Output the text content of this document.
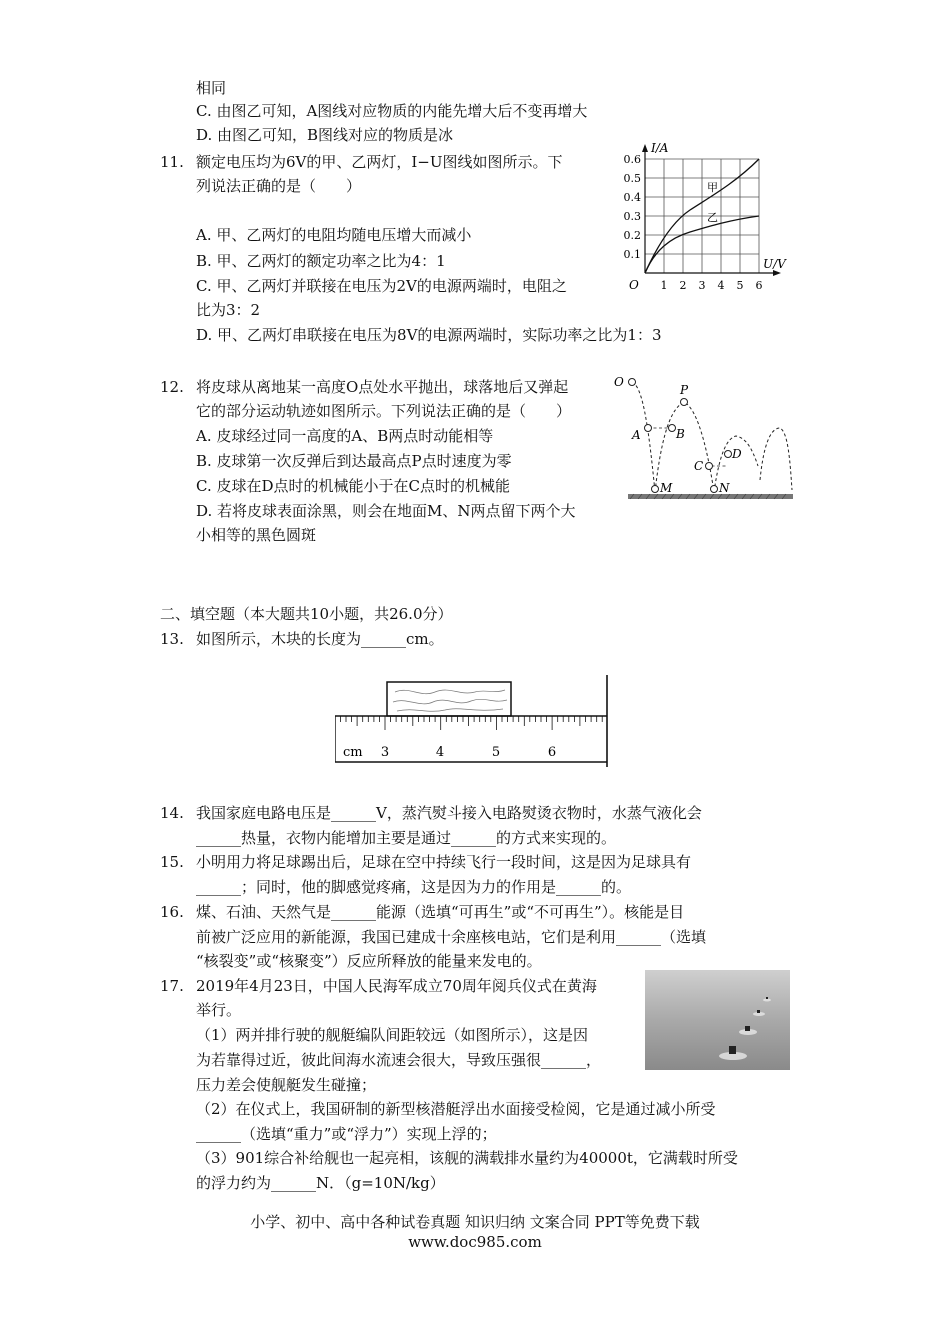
相同
C. 由图乙可知，A图线对应物质的内能先增大后不变再增大
D. 由图乙可知，B图线对应的物质是冰
11. 额定电压均为6V的甲、乙两灯，I−U图线如图所示。下
列说法正确的是（　　）
A. 甲、乙两灯的电阻均随电压增大而减小
B. 甲、乙两灯的额定功率之比为4：1
C. 甲、乙两灯并联接在电压为2V的电源两端时，电阻之
比为3：2
D. 甲、乙两灯串联接在电压为8V的电源两端时，实际功率之比为1：3
I/A
U/V
O
甲
乙
1 2 3 4 5 6
0.1
0.2
0.3
0.4
0.5
0.6
12. 将皮球从离地某一高度O点处水平抛出，球落地后又弹起
它的部分运动轨迹如图所示。下列说法正确的是（　　）
A. 皮球经过同一高度的A、B两点时动能相等
B. 皮球第一次反弹后到达最高点P点时速度为零
C. 皮球在D点时的机械能小于在C点时的机械能
D. 若将皮球表面涂黑，则会在地面M、N两点留下两个大
小相等的黑色圆斑
O
A	B
P
C
D
M	N
二、填空题（本大题共10小题，共26.0分）
13. 如图所示，木块的长度为______cm。
cm 3	4	5	6
14. 我国家庭电路电压是______V，蒸汽熨斗接入电路熨烫衣物时，水蒸气液化会
______热量，衣物内能增加主要是通过______的方式来实现的。
15. 小明用力将足球踢出后，足球在空中持续飞行一段时间，这是因为足球具有
______；同时，他的脚感觉疼痛，这是因为力的作用是______的。
16. 煤、石油、天然气是______能源（选填“可再生”或“不可再生”）。核能是目
前被广泛应用的新能源，我国已建成十余座核电站，它们是利用______（选填
“核裂变”或“核聚变”）反应所释放的能量来发电的。
17. 2019年4月23日，中国人民海军成立70周年阅兵仪式在黄海
举行。
（1）两并排行驶的舰艇编队间距较远（如图所示），这是因
为若靠得过近，彼此间海水流速会很大，导致压强很______，
压力差会使舰艇发生碰撞；
（2）在仪式上，我国研制的新型核潜艇浮出水面接受检阅，它是通过减小所受
______（选填“重力”或“浮力”）实现上浮的；
（3）901综合补给舰也一起亮相，该舰的满载排水量约为40000t，它满载时所受
的浮力约为______N．（g=10N/kg）
小学、初中、高中各种试卷真题 知识归纳 文案合同 PPT等免费下载
www.doc985.com
